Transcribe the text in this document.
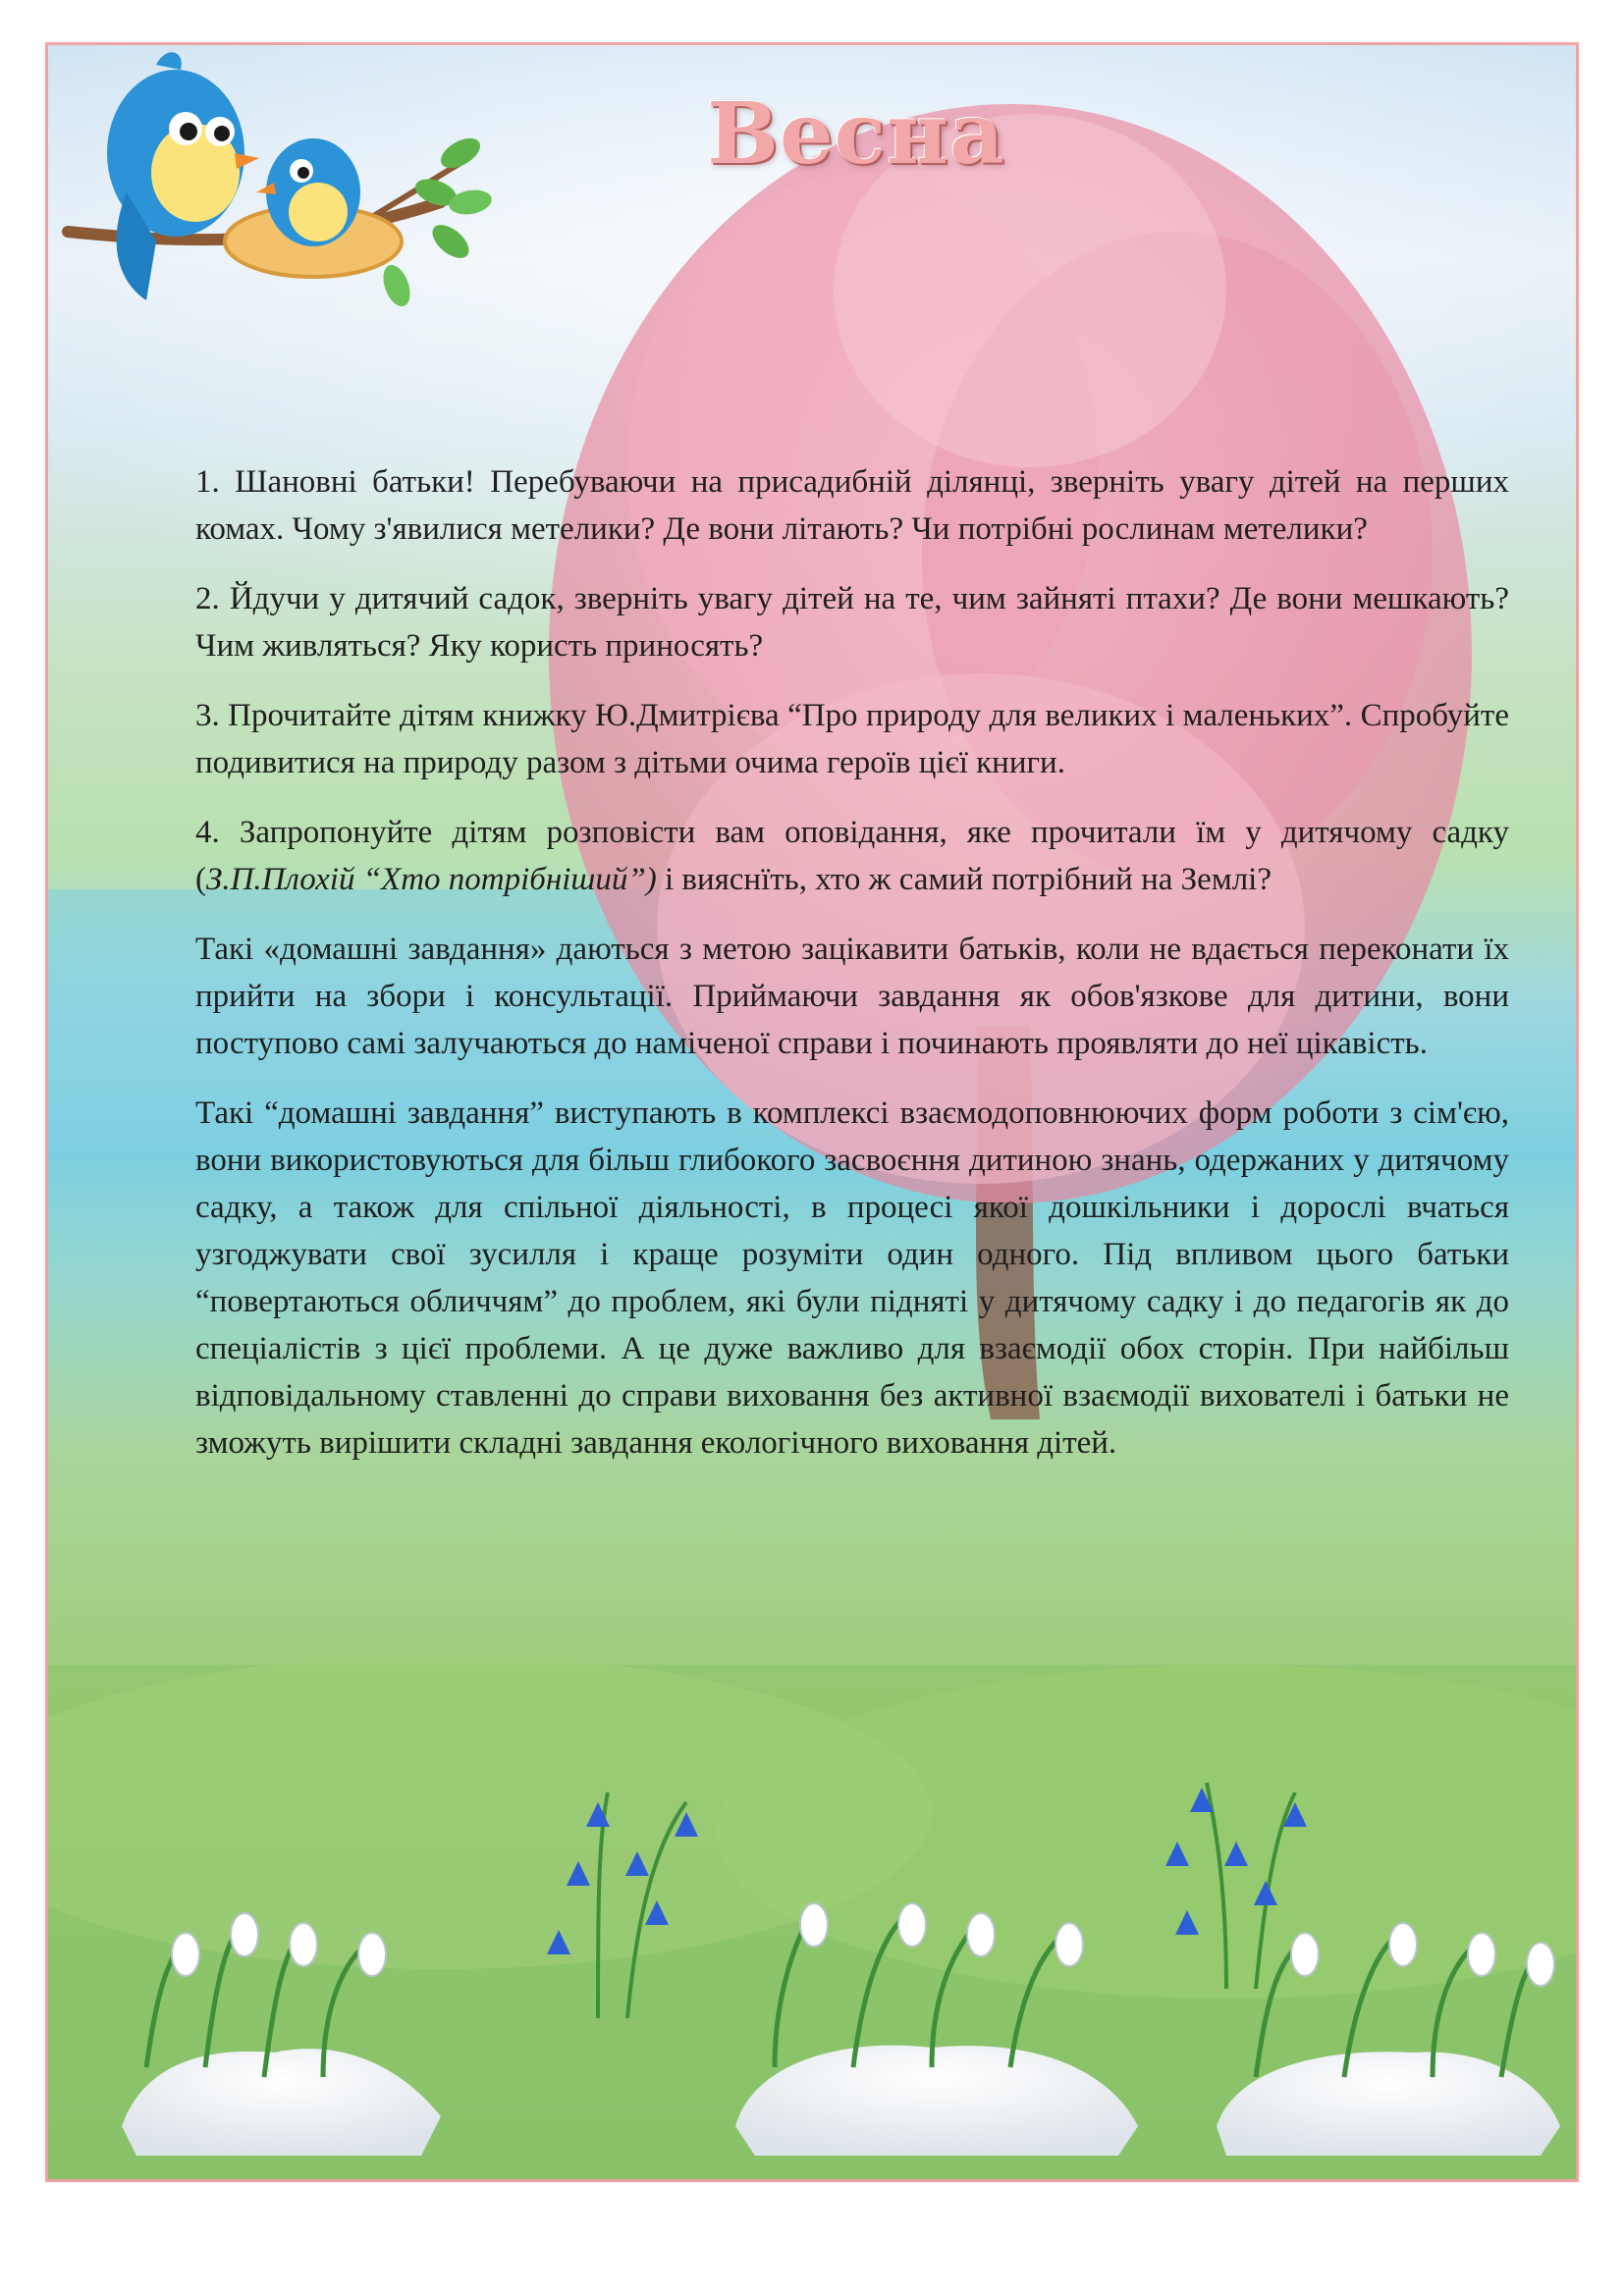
Весна

1. Шановні батьки! Перебуваючи на присадибній ділянці, зверніть увагу дітей на перших комах. Чому з'явилися метелики? Де вони літають? Чи потрібні рослинам метелики?

2. Йдучи у дитячий садок, зверніть увагу дітей на те, чим зайняті птахи? Де вони мешкають? Чим живляться? Яку користь приносять?

3. Прочитайте дітям книжку Ю.Дмитрієва “Про природу для великих і маленьких”. Спробуйте подивитися на природу разом з дітьми очима героїв цієї книги.

4. Запропонуйте дітям розповісти вам оповідання, яке прочитали їм у дитячому садку (З.П.Плохій “Хто потрібніший”) і вияснїть, хто ж самий потрібний на Землі?

Такі «домашні завдання» даються з метою зацікавити батьків, коли не вдається переконати їх прийти на збори і консультації. Приймаючи завдання як обов'язкове для дитини, вони поступово самі залучаються до наміченої справи і починають проявляти до неї цікавість.

Такі “домашні завдання” виступають в комплексі взаємодоповнюючих форм роботи з сім'єю, вони використовуються для більш глибокого засвоєння дитиною знань, одержаних у дитячому садку, а також для спільної діяльності, в процесі якої дошкільники і дорослі вчаться узгоджувати свої зусилля і краще розуміти один одного. Під впливом цього батьки “повертаються обличчям” до проблем, які були підняті у дитячому садку і до педагогів як до спеціалістів з цієї проблеми. А це дуже важливо для взаємодії обох сторін. При найбільш відповідальному ставленні до справи виховання без активної взаємодії вихователі і батьки не зможуть вирішити складні завдання екологічного виховання дітей.
